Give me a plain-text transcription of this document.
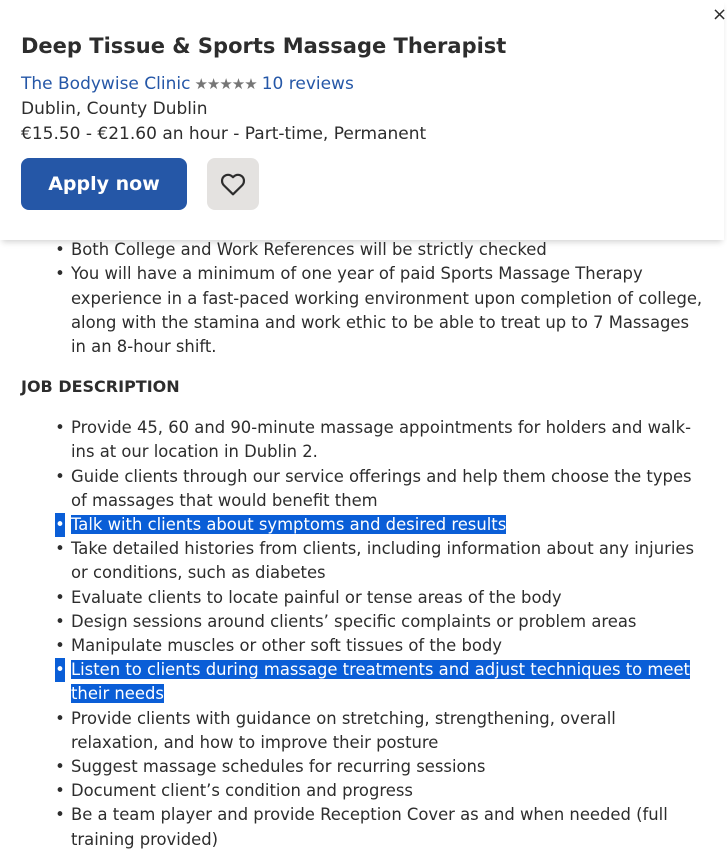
×
Deep Tissue & Sports Massage Therapist
The Bodywise Clinic ★★★★★ 10 reviews
Dublin, County Dublin
€15.50 - €21.60 an hour - Part-time, Permanent
Apply now
• Both College and Work References will be strictly checked
• You will have a minimum of one year of paid Sports Massage Therapy experience in a fast-paced working environment upon completion of college, along with the stamina and work ethic to be able to treat up to 7 Massages in an 8-hour shift.
JOB DESCRIPTION
• Provide 45, 60 and 90-minute massage appointments for holders and walk-ins at our location in Dublin 2.
• Guide clients through our service offerings and help them choose the types of massages that would benefit them
• Talk with clients about symptoms and desired results
• Take detailed histories from clients, including information about any injuries or conditions, such as diabetes
• Evaluate clients to locate painful or tense areas of the body
• Design sessions around clients’ specific complaints or problem areas
• Manipulate muscles or other soft tissues of the body
• Listen to clients during massage treatments and adjust techniques to meet their needs
• Provide clients with guidance on stretching, strengthening, overall relaxation, and how to improve their posture
• Suggest massage schedules for recurring sessions
• Document client’s condition and progress
• Be a team player and provide Reception Cover as and when needed (full training provided)
